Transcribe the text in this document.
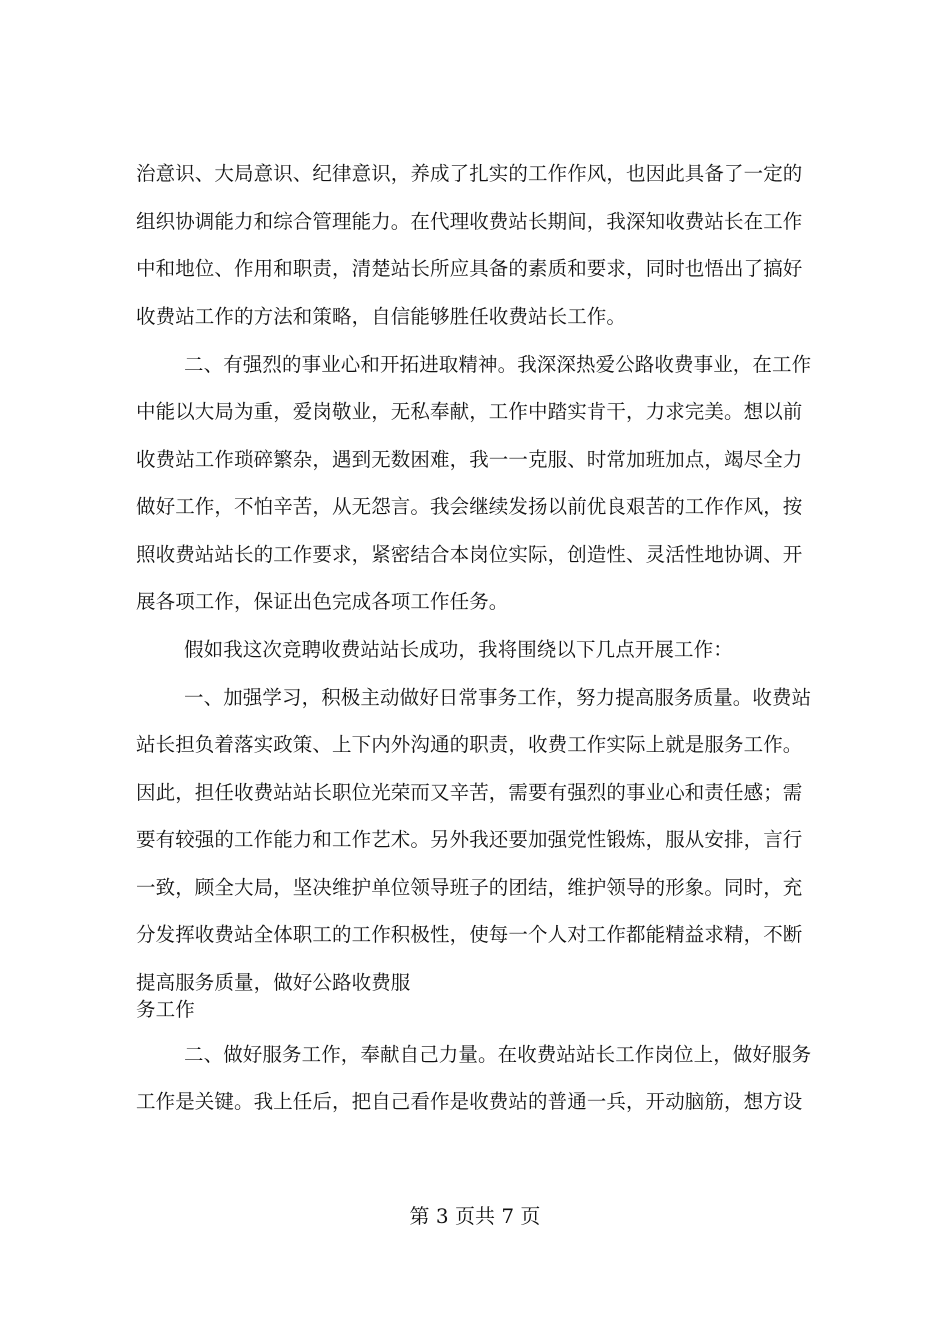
治意识、大局意识、纪律意识，养成了扎实的工作作风，也因此具备了一定的
组织协调能力和综合管理能力。在代理收费站长期间，我深知收费站长在工作
中和地位、作用和职责，清楚站长所应具备的素质和要求，同时也悟出了搞好
收费站工作的方法和策略，自信能够胜任收费站长工作。
二、有强烈的事业心和开拓进取精神。我深深热爱公路收费事业，在工作
中能以大局为重，爱岗敬业，无私奉献，工作中踏实肯干，力求完美。想以前
收费站工作琐碎繁杂，遇到无数困难，我一一克服、时常加班加点，竭尽全力
做好工作，不怕辛苦，从无怨言。我会继续发扬以前优良艰苦的工作作风，按
照收费站站长的工作要求，紧密结合本岗位实际，创造性、灵活性地协调、开
展各项工作，保证出色完成各项工作任务。
假如我这次竞聘收费站站长成功，我将围绕以下几点开展工作：
一、加强学习，积极主动做好日常事务工作，努力提高服务质量。收费站
站长担负着落实政策、上下内外沟通的职责，收费工作实际上就是服务工作。
因此，担任收费站站长职位光荣而又辛苦，需要有强烈的事业心和责任感；需
要有较强的工作能力和工作艺术。另外我还要加强党性锻炼，服从安排，言行
一致，顾全大局，坚决维护单位领导班子的团结，维护领导的形象。同时，充
分发挥收费站全体职工的工作积极性，使每一个人对工作都能精益求精，不断
提高服务质量，做好公路收费服
务工作
二、做好服务工作，奉献自己力量。在收费站站长工作岗位上，做好服务
工作是关键。我上任后，把自己看作是收费站的普通一兵，开动脑筋，想方设
第 3 页共 7 页
